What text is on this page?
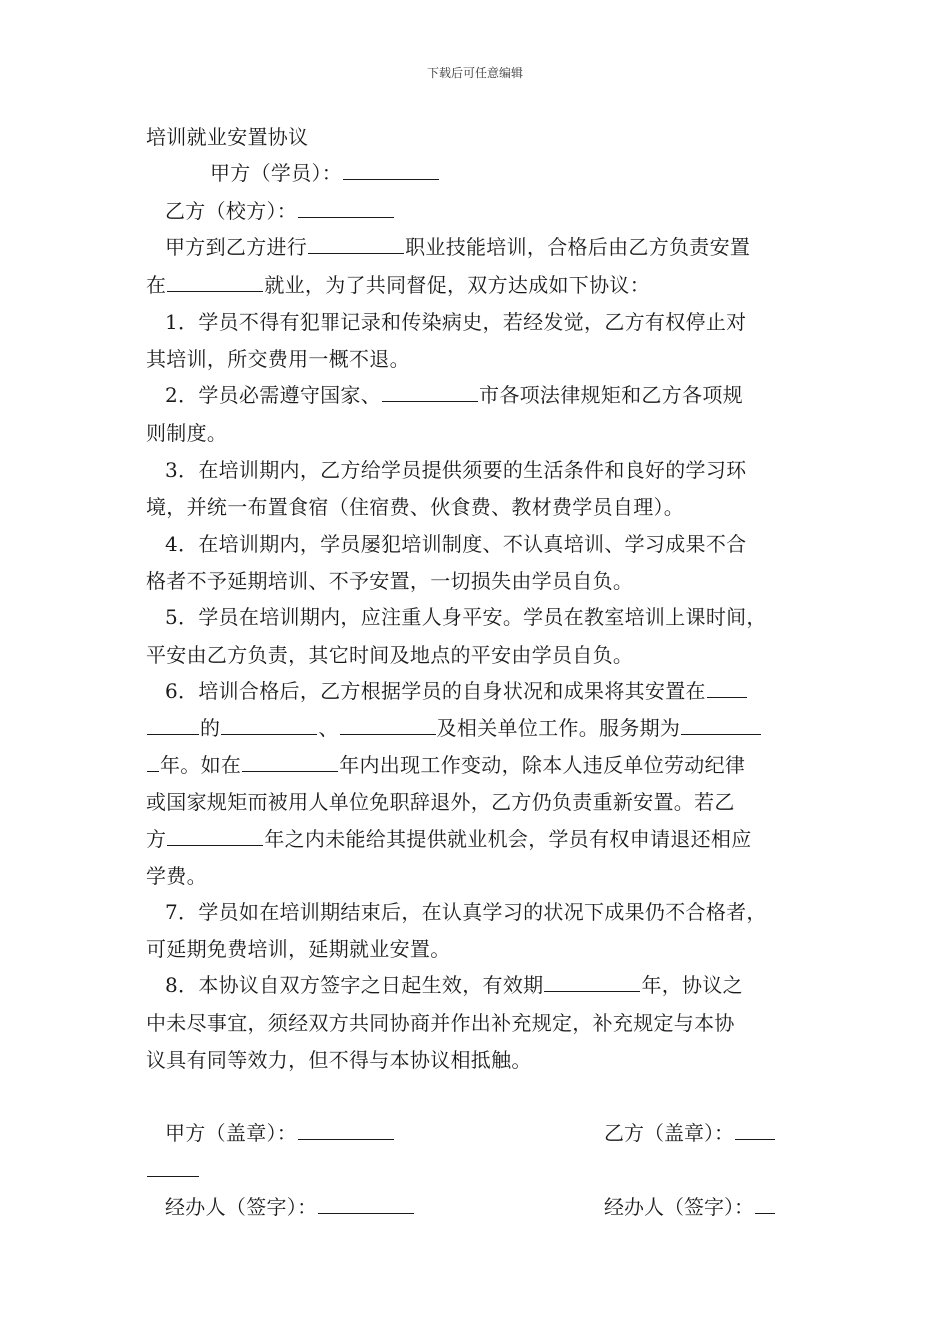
下载后可任意编辑
培训就业安置协议
甲方（学员）：
乙方（校方）：
甲方到乙方进行	职业技能培训，合格后由乙方负责安置
在	就业，为了共同督促，双方达成如下协议：
1．学员不得有犯罪记录和传染病史，若经发觉，乙方有权停止对
其培训，所交费用一概不退。
2．学员必需遵守国家、	市各项法律规矩和乙方各项规
则制度。
3．在培训期内，乙方给学员提供须要的生活条件和良好的学习环
境，并统一布置食宿（住宿费、伙食费、教材费学员自理）。
4．在培训期内，学员屡犯培训制度、不认真培训、学习成果不合
格者不予延期培训、不予安置，一切损失由学员自负。
5．学员在培训期内，应注重人身平安。学员在教室培训上课时间，
平安由乙方负责，其它时间及地点的平安由学员自负。
6．培训合格后，乙方根据学员的自身状况和成果将其安置在
的	、	及相关单位工作。服务期为
年。如在	年内出现工作变动，除本人违反单位劳动纪律
或国家规矩而被用人单位免职辞退外，乙方仍负责重新安置。若乙
方	年之内未能给其提供就业机会，学员有权申请退还相应
学费。
7．学员如在培训期结束后，在认真学习的状况下成果仍不合格者，
可延期免费培训，延期就业安置。
8．本协议自双方签字之日起生效，有效期	年，协议之
中未尽事宜，须经双方共同协商并作出补充规定，补充规定与本协
议具有同等效力，但不得与本协议相抵触。
甲方（盖章）：	乙方（盖章）：
经办人（签字）：	经办人（签字）：
